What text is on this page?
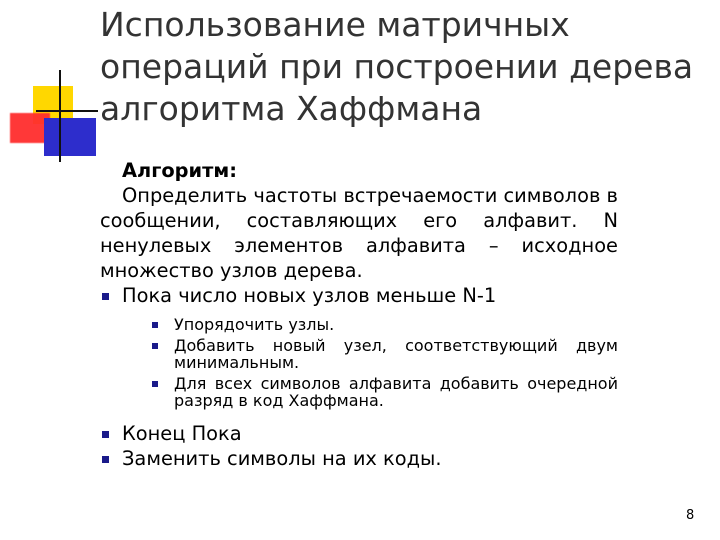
Использование матричных
операций при построении дерева
алгоритма Хаффмана
Алгоритм:
Определить частоты встречаемости символов в сообщении, составляющих его алфавит. N ненулевых элементов алфавита – исходное множество узлов дерева.
Пока число новых узлов меньше N-1
Упорядочить узлы.
Добавить новый узел, соответствующий двум минимальным.
Для всех символов алфавита добавить очередной разряд в код Хаффмана.
Конец Пока
Заменить символы на их коды.
8
